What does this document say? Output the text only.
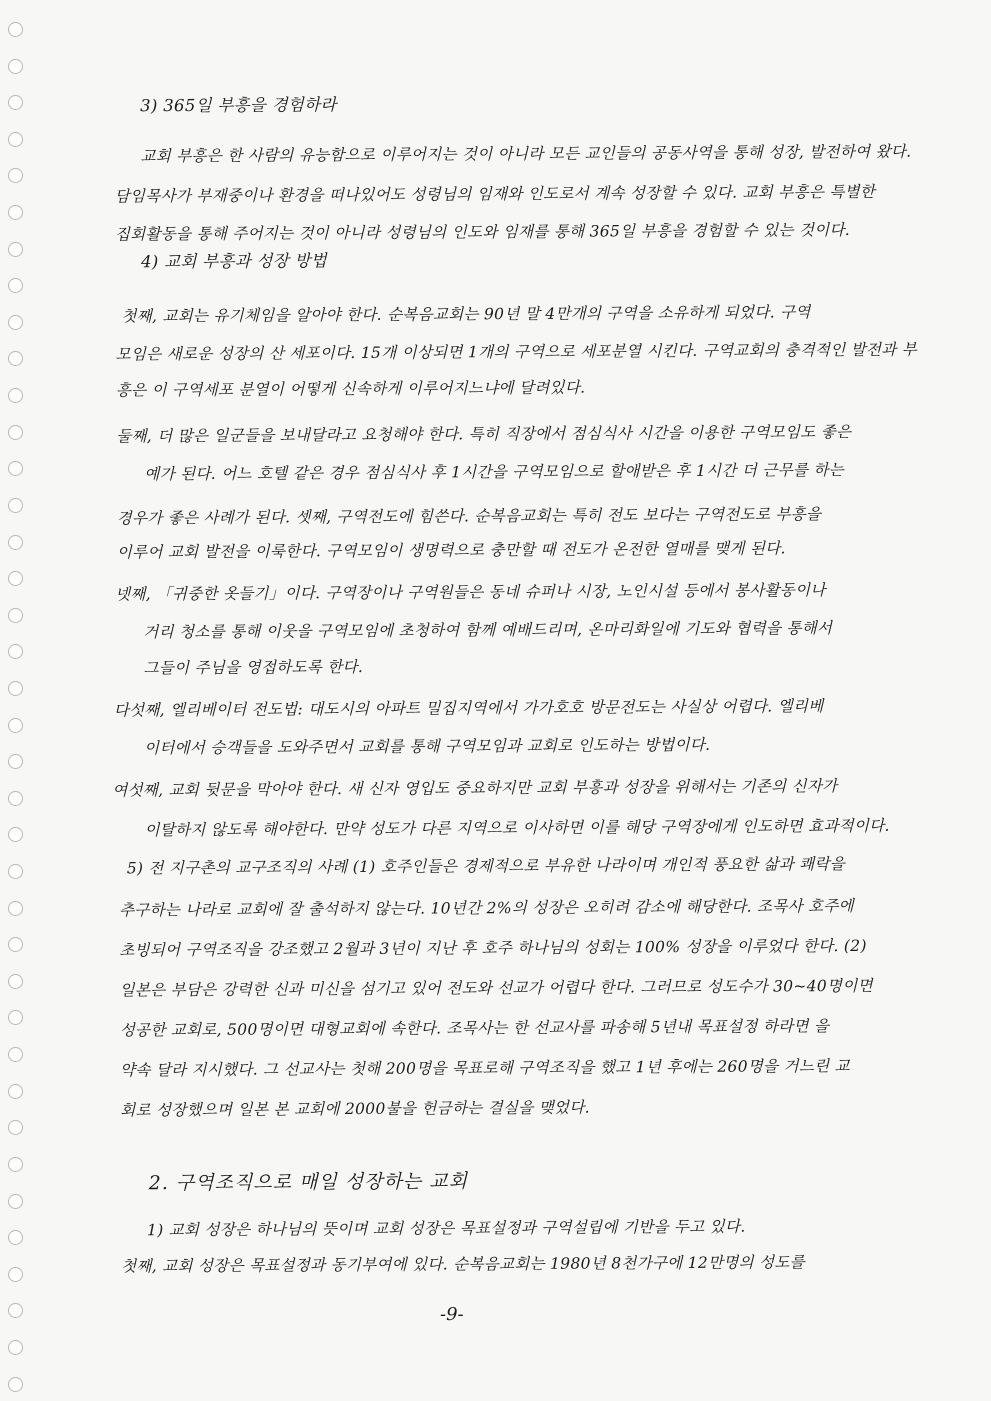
3) 365일 부흥을 경험하라
교회 부흥은 한 사람의 유능함으로 이루어지는 것이 아니라 모든 교인들의 공동사역을 통해 성장, 발전하여 왔다.
담임목사가 부재중이나 환경을 떠나있어도 성령님의 임재와 인도로서 계속 성장할 수 있다. 교회 부흥은 특별한
집회활동을 통해 주어지는 것이 아니라 성령님의 인도와 임재를 통해 365일 부흥을 경험할 수 있는 것이다.
4) 교회 부흥과 성장 방법
첫째, 교회는 유기체임을 알아야 한다. 순복음교회는 90년 말 4만개의 구역을 소유하게 되었다. 구역
모임은 새로운 성장의 산 세포이다. 15개 이상되면 1개의 구역으로 세포분열 시킨다. 구역교회의 충격적인 발전과 부
흥은 이 구역세포 분열이 어떻게 신속하게 이루어지느냐에 달려있다.
둘째, 더 많은 일군들을 보내달라고 요청해야 한다. 특히 직장에서 점심식사 시간을 이용한 구역모임도 좋은
예가 된다. 어느 호텔 같은 경우 점심식사 후 1시간을 구역모임으로 할애받은 후 1시간 더 근무를 하는
경우가 좋은 사례가 된다. 셋째, 구역전도에 힘쓴다. 순복음교회는 특히 전도 보다는 구역전도로 부흥을
이루어 교회 발전을 이룩한다. 구역모임이 생명력으로 충만할 때 전도가 온전한 열매를 맺게 된다.
넷째, 「귀중한 옷들기」이다. 구역장이나 구역원들은 동네 슈퍼나 시장, 노인시설 등에서 봉사활동이나
거리 청소를 통해 이웃을 구역모임에 초청하여 함께 예배드리며, 온마리화일에 기도와 협력을 통해서
그들이 주님을 영접하도록 한다.
다섯째, 엘리베이터 전도법: 대도시의 아파트 밀집지역에서 가가호호 방문전도는 사실상 어렵다. 엘리베
이터에서 승객들을 도와주면서 교회를 통해 구역모임과 교회로 인도하는 방법이다.
여섯째, 교회 뒷문을 막아야 한다. 새 신자 영입도 중요하지만 교회 부흥과 성장을 위해서는 기존의 신자가
이탈하지 않도록 해야한다. 만약 성도가 다른 지역으로 이사하면 이를 해당 구역장에게 인도하면 효과적이다.
5) 전 지구촌의 교구조직의 사례 (1) 호주인들은 경제적으로 부유한 나라이며 개인적 풍요한 삶과 쾌락을
추구하는 나라로 교회에 잘 출석하지 않는다. 10년간 2%의 성장은 오히려 감소에 해당한다. 조목사 호주에
초빙되어 구역조직을 강조했고 2월과 3년이 지난 후 호주 하나님의 성회는 100% 성장을 이루었다 한다. (2)
일본은 부담은 강력한 신과 미신을 섬기고 있어 전도와 선교가 어렵다 한다. 그러므로 성도수가 30~40명이면
성공한 교회로, 500명이면 대형교회에 속한다. 조목사는 한 선교사를 파송해 5년내 목표설정 하라면 을
약속 달라 지시했다. 그 선교사는 첫해 200명을 목표로해 구역조직을 했고 1년 후에는 260명을 거느린 교
회로 성장했으며 일본 본 교회에 2000불을 헌금하는 결실을 맺었다.
2. 구역조직으로 매일 성장하는 교회
1) 교회 성장은 하나님의 뜻이며 교회 성장은 목표설정과 구역설립에 기반을 두고 있다.
첫째, 교회 성장은 목표설정과 동기부여에 있다. 순복음교회는 1980년 8천가구에 12만명의 성도를
-9-
